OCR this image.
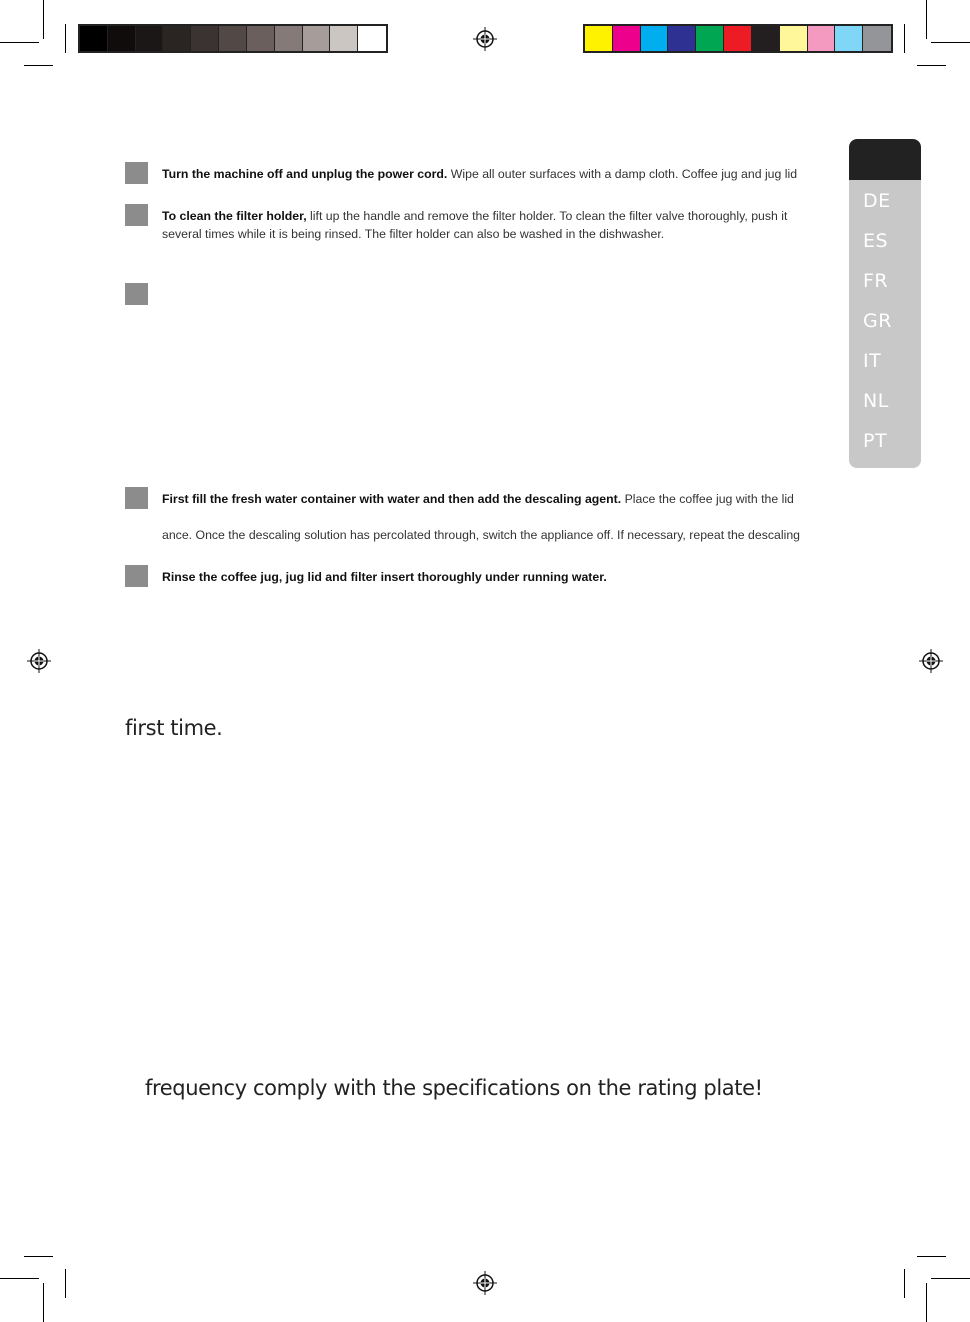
DE
ES
FR
GR
IT
NL
PT
Turn the machine off and unplug the power cord. Wipe all outer surfaces with a damp cloth. Coffee jug and jug lid
To clean the filter holder, lift up the handle and remove the filter holder. To clean the filter valve thoroughly, push it
several times while it is being rinsed. The filter holder can also be washed in the dishwasher.
First fill the fresh water container with water and then add the descaling agent. Place the coffee jug with the lid
ance. Once the descaling solution has percolated through, switch the appliance off. If necessary, repeat the descaling
Rinse the coffee jug, jug lid and filter insert thoroughly under running water.
first time.
frequency comply with the specifications on the rating plate!
